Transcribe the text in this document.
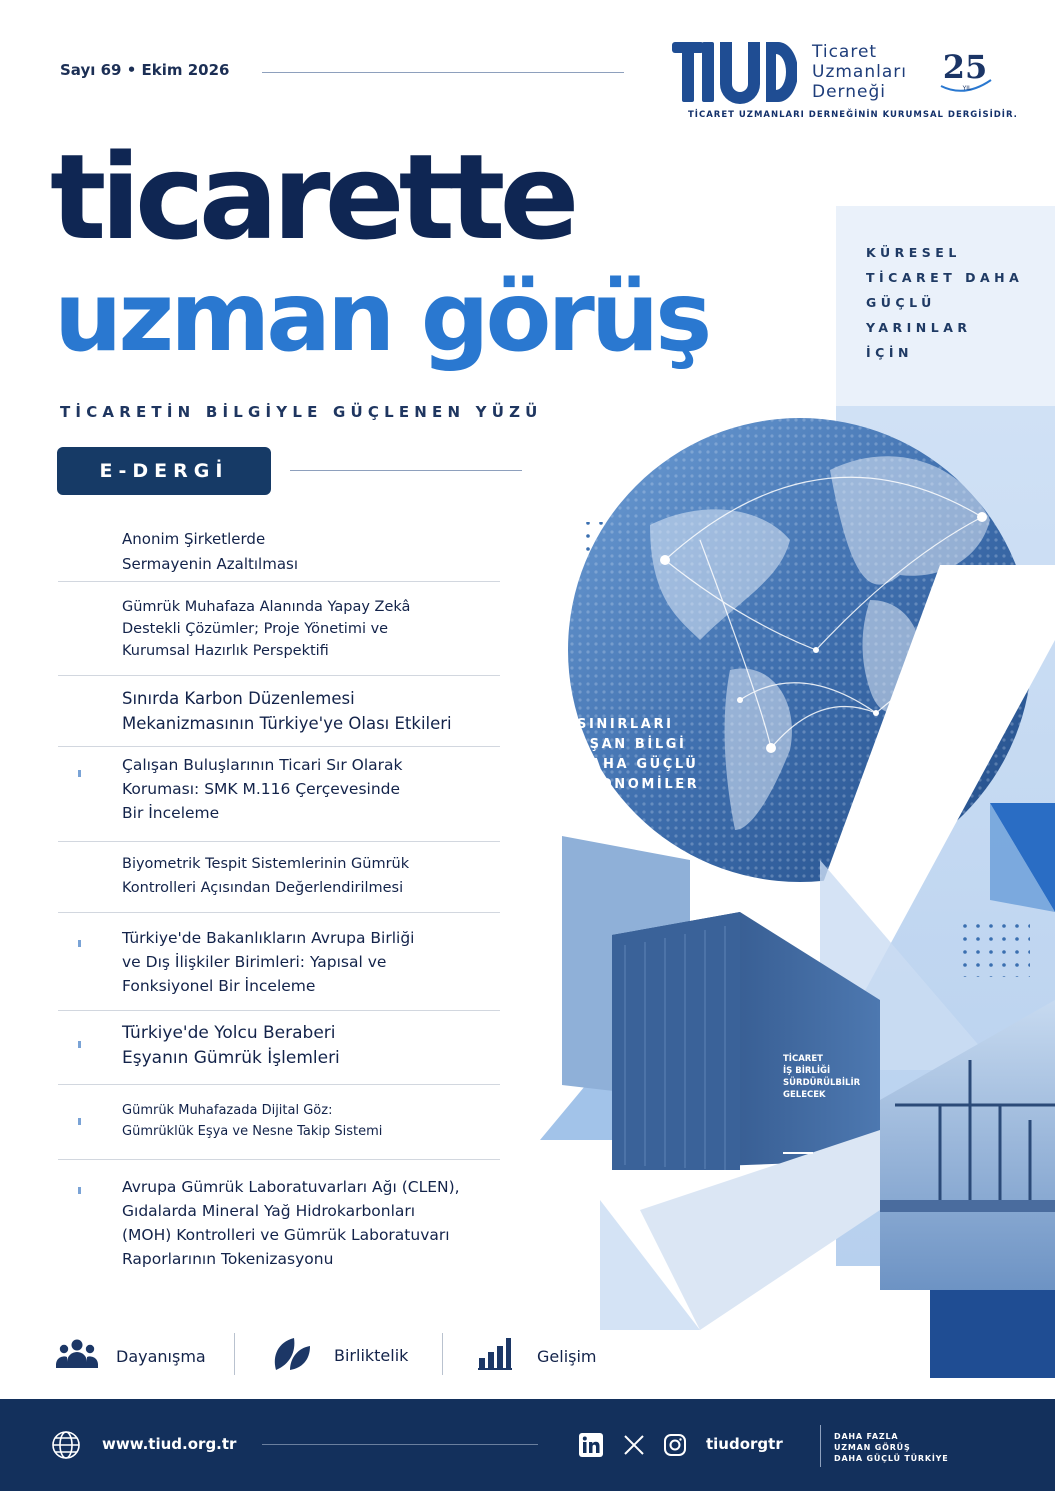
Sayı 69 • Ekim 2026
Ticaret
Uzmanları
Derneği
25
YIL
TİCARET UZMANLARI DERNEĞİNİN KURUMSAL DERGİSİDİR.
ticarette
uzman görüş
TİCARETİN BİLGİYLE GÜÇLENEN YÜZÜ
E-DERGİ
KÜRESEL
TİCARET DAHA
GÜÇLÜ
YARINLAR
İÇİN
SINIRLARI
AŞAN BİLGİ
DAHA GÜÇLÜ
EKONOMİLER
TİCARET
İŞ BİRLİĞİ
SÜRDÜRÜLBİLİR
GELECEK
Anonim Şirketlerde
Sermayenin Azaltılması
Gümrük Muhafaza Alanında Yapay Zekâ
Destekli Çözümler; Proje Yönetimi ve
Kurumsal Hazırlık Perspektifi
Sınırda Karbon Düzenlemesi
Mekanizmasının Türkiye'ye Olası Etkileri
Çalışan Buluşlarının Ticari Sır Olarak
Koruması: SMK M.116 Çerçevesinde
Bir İnceleme
Biyometrik Tespit Sistemlerinin Gümrük
Kontrolleri Açısından Değerlendirilmesi
Türkiye'de Bakanlıkların Avrupa Birliği
ve Dış İlişkiler Birimleri: Yapısal ve
Fonksiyonel Bir İnceleme
Türkiye'de Yolcu Beraberi
Eşyanın Gümrük İşlemleri
Gümrük Muhafazada Dijital Göz:
Gümrüklük Eşya ve Nesne Takip Sistemi
Avrupa Gümrük Laboratuvarları Ağı (CLEN),
Gıdalarda Mineral Yağ Hidrokarbonları
(MOH) Kontrolleri ve Gümrük Laboratuvarı
Raporlarının Tokenizasyonu
Dayanışma	Birliktelik	Gelişim
www.tiud.org.tr	tiudorgtr	DAHA FAZLA
UZMAN GÖRÜŞ
DAHA GÜÇLÜ TÜRKİYE
